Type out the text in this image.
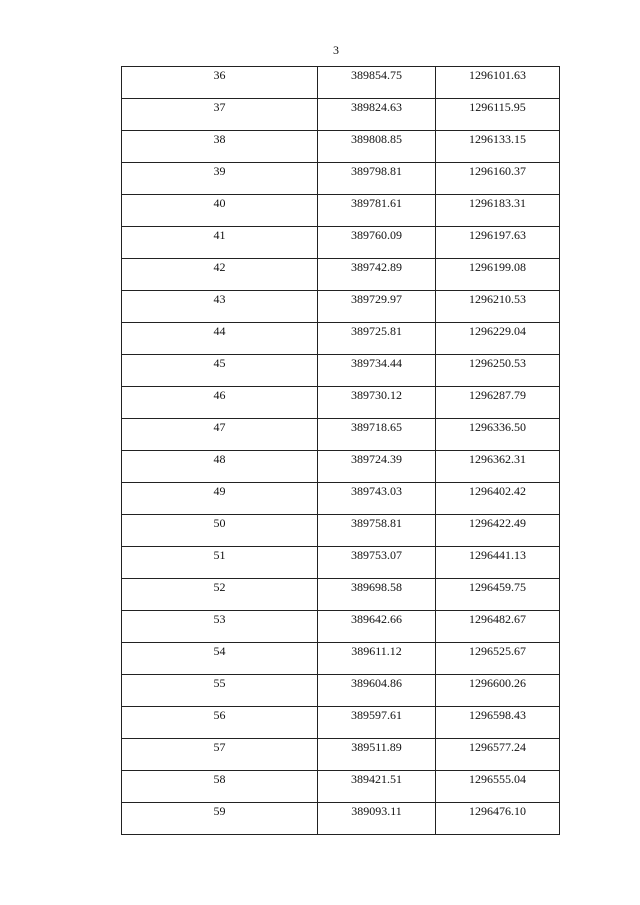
3
36	389854.75	1296101.63
37	389824.63	1296115.95
38	389808.85	1296133.15
39	389798.81	1296160.37
40	389781.61	1296183.31
41	389760.09	1296197.63
42	389742.89	1296199.08
43	389729.97	1296210.53
44	389725.81	1296229.04
45	389734.44	1296250.53
46	389730.12	1296287.79
47	389718.65	1296336.50
48	389724.39	1296362.31
49	389743.03	1296402.42
50	389758.81	1296422.49
51	389753.07	1296441.13
52	389698.58	1296459.75
53	389642.66	1296482.67
54	389611.12	1296525.67
55	389604.86	1296600.26
56	389597.61	1296598.43
57	389511.89	1296577.24
58	389421.51	1296555.04
59	389093.11	1296476.10
